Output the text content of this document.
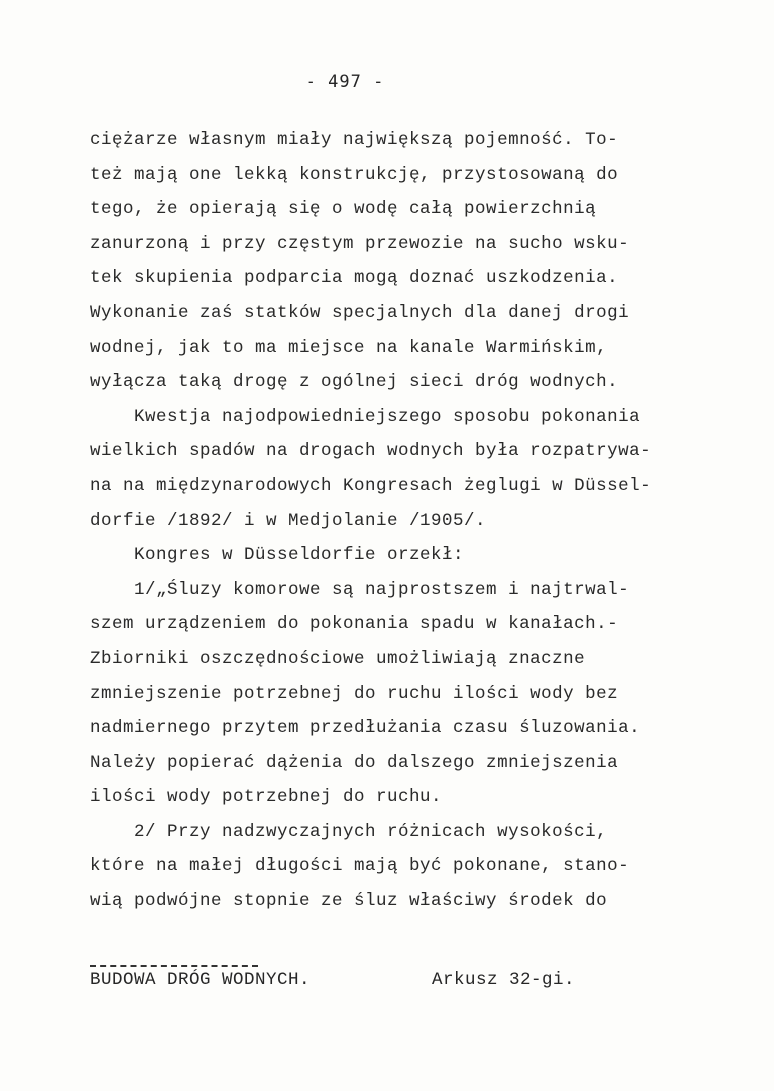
- 497 -
ciężarze własnym miały największą pojemność. To-
też mają one lekką konstrukcję, przystosowaną do
tego, że opierają się o wodę całą powierzchnią
zanurzoną i przy częstym przewozie na sucho wsku-
tek skupienia podparcia mogą doznać uszkodzenia.
Wykonanie zaś statków specjalnych dla danej drogi
wodnej, jak to ma miejsce na kanale Warmińskim,
wyłącza taką drogę z ogólnej sieci dróg wodnych.
Kwestja najodpowiedniejszego sposobu pokonania
wielkich spadów na drogach wodnych była rozpatrywa-
na na międzynarodowych Kongresach żeglugi w Düssel-
dorfie /1892/ i w Medjolanie /1905/.
Kongres w Düsseldorfie orzekł:
1/„Śluzy komorowe są najprostszem i najtrwal-
szem urządzeniem do pokonania spadu w kanałach.-
Zbiorniki oszczędnościowe umożliwiają znaczne
zmniejszenie potrzebnej do ruchu ilości wody bez
nadmiernego przytem przedłużania czasu śluzowania.
Należy popierać dążenia do dalszego zmniejszenia
ilości wody potrzebnej do ruchu.
2/ Przy nadzwyczajnych różnicach wysokości,
które na małej długości mają być pokonane, stano-
wią podwójne stopnie ze śluz właściwy środek do
BUDOWA DRÓG WODNYCH.	Arkusz 32-gi.
